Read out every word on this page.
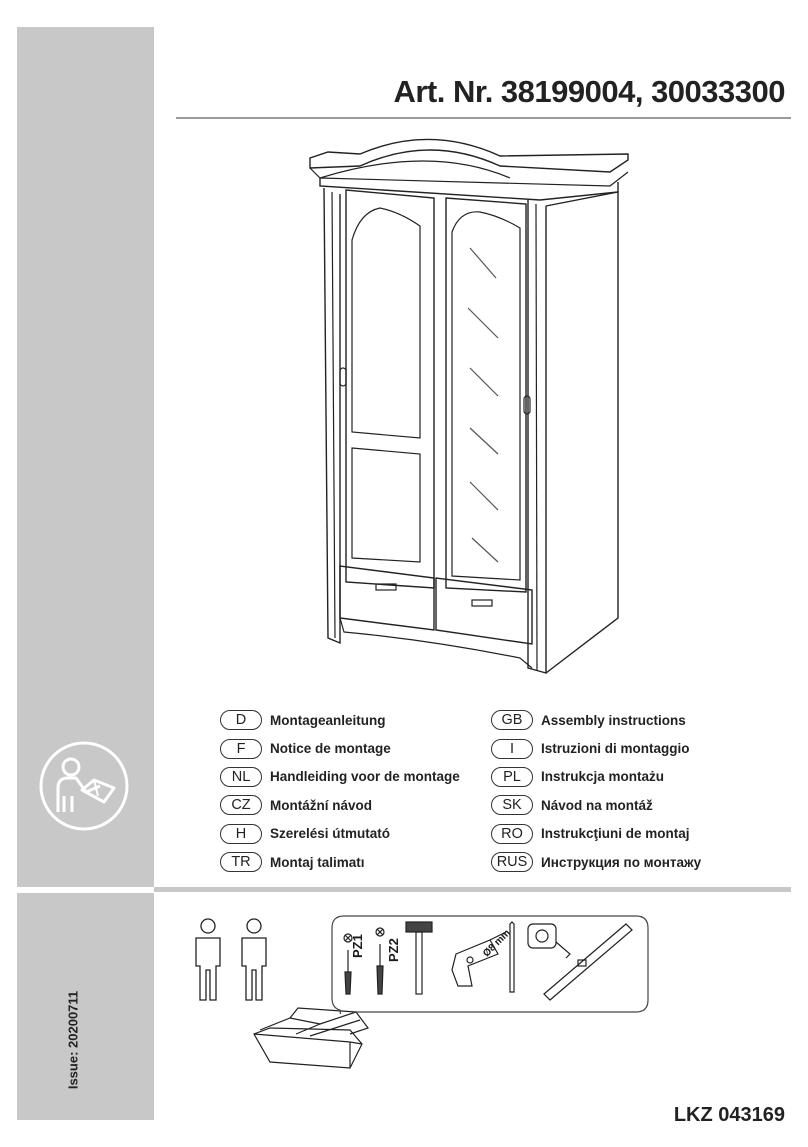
Art. Nr. 38199004, 30033300
D	Montageanleitung
F	Notice de montage
NL	Handleiding voor de montage
CZ	Montážní návod
H	Szerelési útmutató
TR	Montaj talimatı
GB	Assembly instructions
I	Istruzioni di montaggio
PL	Instrukcja montażu
SK	Návod na montáž
RO	Instrukcţiuni de montaj
RUS	Инструкция по монтажу
PZ1 PZ2	Ø8 mm
Issue: 20200711
LKZ 043169
